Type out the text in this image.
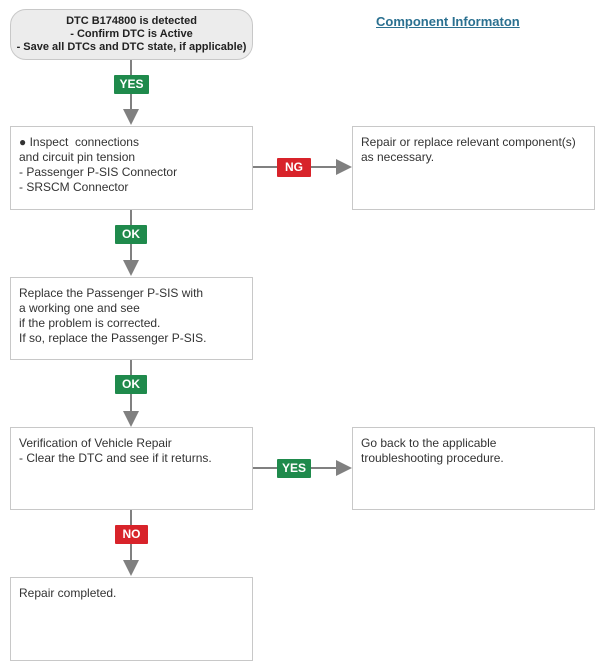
DTC B174800 is detected
- Confirm DTC is Active
- Save all DTCs and DTC state, if applicable)
Component Informaton
● Inspect  connections
and circuit pin tension
- Passenger P-SIS Connector
- SRSCM Connector
Repair or replace relevant component(s)
as necessary.
Replace the Passenger P-SIS with
a working one and see
if the problem is corrected.
If so, replace the Passenger P-SIS.
Verification of Vehicle Repair
- Clear the DTC and see if it returns.
Go back to the applicable
troubleshooting procedure.
Repair completed.
YES
NG
OK
OK
YES
NO
